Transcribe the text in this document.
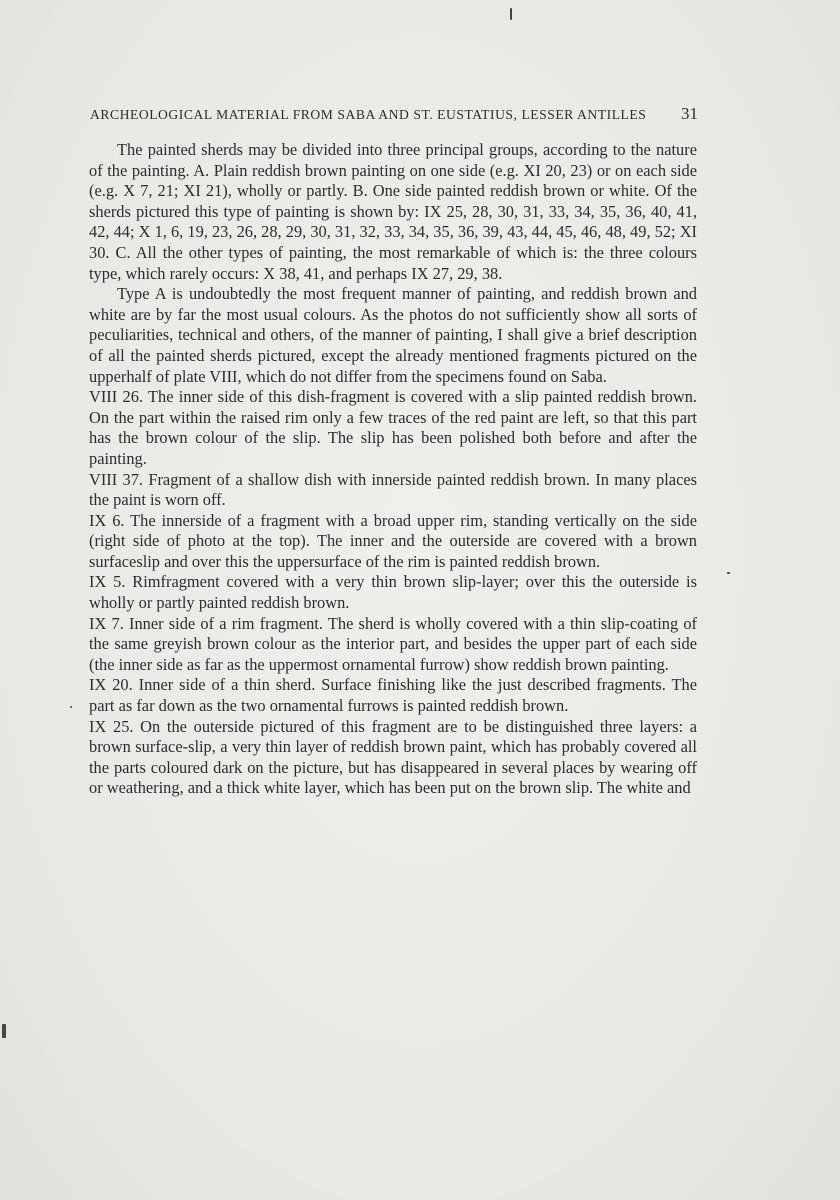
ARCHEOLOGICAL MATERIAL FROM SABA AND ST. EUSTATIUS, LESSER ANTILLES 31

The painted sherds may be divided into three principal groups, according to the nature of the painting. A. Plain reddish brown painting on one side (e.g. XI 20, 23) or on each side (e.g. X 7, 21; XI 21), wholly or partly. B. One side painted reddish brown or white. Of the sherds pictured this type of painting is shown by: IX 25, 28, 30, 31, 33, 34, 35, 36, 40, 41, 42, 44; X 1, 6, 19, 23, 26, 28, 29, 30, 31, 32, 33, 34, 35, 36, 39, 43, 44, 45, 46, 48, 49, 52; XI 30. C. All the other types of painting, the most remarkable of which is: the three colours type, which rarely occurs: X 38, 41, and perhaps IX 27, 29, 38.

Type A is undoubtedly the most frequent manner of painting, and reddish brown and white are by far the most usual colours. As the photos do not sufficiently show all sorts of peculiarities, technical and others, of the manner of painting, I shall give a brief description of all the painted sherds pictured, except the already mentioned fragments pictured on the upperhalf of plate VIII, which do not differ from the specimens found on Saba.

VIII 26. The inner side of this dish-fragment is covered with a slip painted reddish brown. On the part within the raised rim only a few traces of the red paint are left, so that this part has the brown colour of the slip. The slip has been polished both before and after the painting.

VIII 37. Fragment of a shallow dish with innerside painted reddish brown. In many places the paint is worn off.

IX 6. The innerside of a fragment with a broad upper rim, standing vertically on the side (right side of photo at the top). The inner and the outerside are covered with a brown surfaceslip and over this the uppersurface of the rim is painted reddish brown.

IX 5. Rimfragment covered with a very thin brown slip-layer; over this the outerside is wholly or partly painted reddish brown.

IX 7. Inner side of a rim fragment. The sherd is wholly covered with a thin slip-coating of the same greyish brown colour as the interior part, and besides the upper part of each side (the inner side as far as the uppermost ornamental furrow) show reddish brown painting.

IX 20. Inner side of a thin sherd. Surface finishing like the just described fragments. The part as far down as the two ornamental furrows is painted reddish brown.

IX 25. On the outerside pictured of this fragment are to be distinguished three layers: a brown surface-slip, a very thin layer of reddish brown paint, which has probably covered all the parts coloured dark on the picture, but has disappeared in several places by wearing off or weathering, and a thick white layer, which has been put on the brown slip. The white and
